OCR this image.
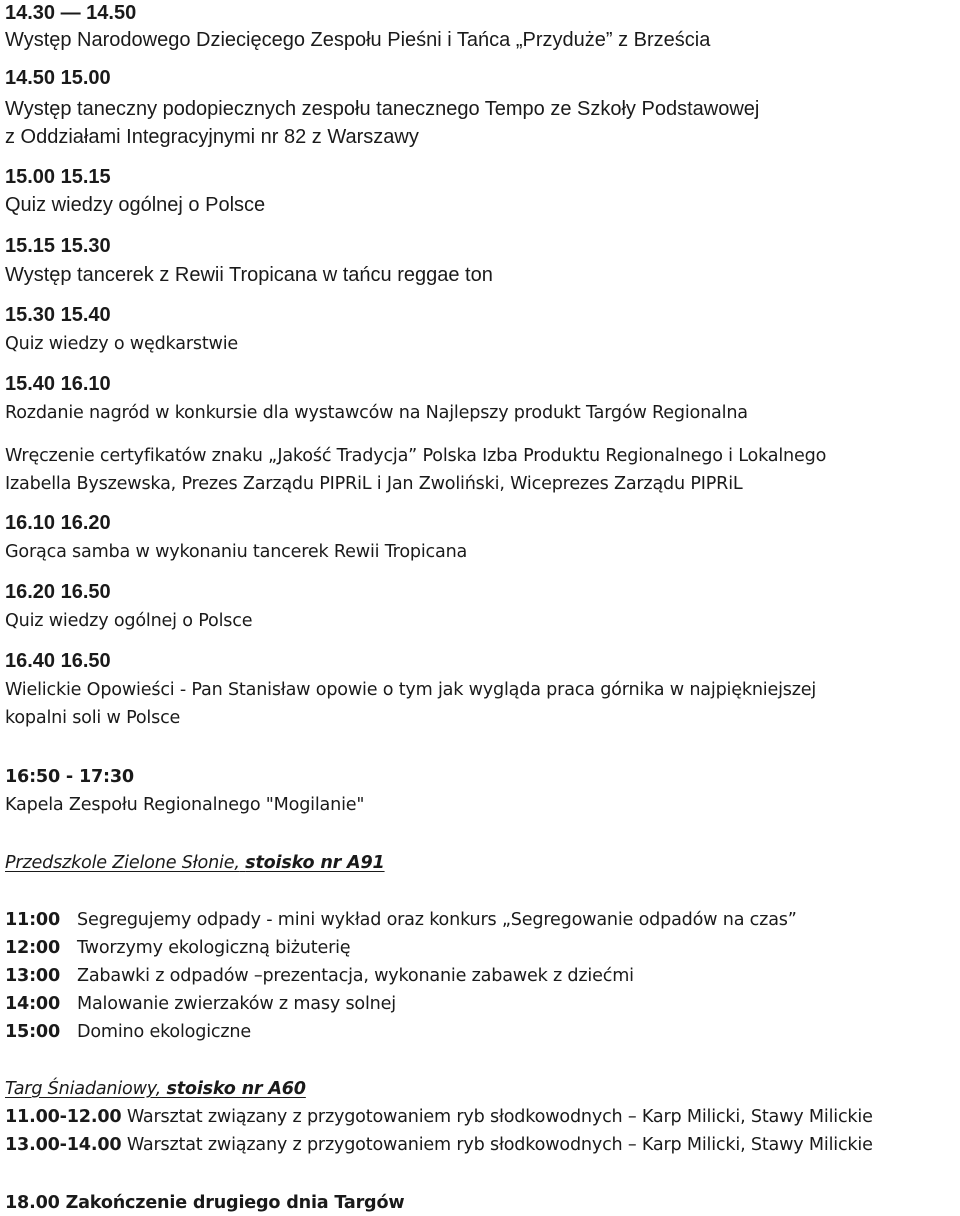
14.30 — 14.50
Występ Narodowego Dziecięcego Zespołu Pieśni i Tańca „Przyduże” z Brześcia
14.50 15.00
Występ taneczny podopiecznych zespołu tanecznego Tempo ze Szkoły Podstawowej
z Oddziałami Integracyjnymi nr 82 z Warszawy
15.00 15.15
Quiz wiedzy ogólnej o Polsce
15.15 15.30
Występ tancerek z Rewii Tropicana w tańcu reggae ton
15.30 15.40
Quiz wiedzy o wędkarstwie
15.40 16.10
Rozdanie nagród w konkursie dla wystawców na Najlepszy produkt Targów Regionalna
Wręczenie certyfikatów znaku „Jakość Tradycja” Polska Izba Produktu Regionalnego i Lokalnego
Izabella Byszewska, Prezes Zarządu PIPRiL i Jan Zwoliński, Wiceprezes Zarządu PIPRiL
16.10 16.20
Gorąca samba w wykonaniu tancerek Rewii Tropicana
16.20 16.50
Quiz wiedzy ogólnej o Polsce
16.40 16.50
Wielickie Opowieści - Pan Stanisław opowie o tym jak wygląda praca górnika w najpiękniejszej
kopalni soli w Polsce
16:50 - 17:30
Kapela Zespołu Regionalnego "Mogilanie"
Przedszkole Zielone Słonie, stoisko nr A91
11:00 Segregujemy odpady - mini wykład oraz konkurs „Segregowanie odpadów na czas”
12:00 Tworzymy ekologiczną biżuterię
13:00 Zabawki z odpadów –prezentacja, wykonanie zabawek z dziećmi
14:00 Malowanie zwierzaków z masy solnej
15:00 Domino ekologiczne
Targ Śniadaniowy, stoisko nr A60
11.00-12.00 Warsztat związany z przygotowaniem ryb słodkowodnych – Karp Milicki, Stawy Milickie
13.00-14.00 Warsztat związany z przygotowaniem ryb słodkowodnych – Karp Milicki, Stawy Milickie
18.00 Zakończenie drugiego dnia Targów
